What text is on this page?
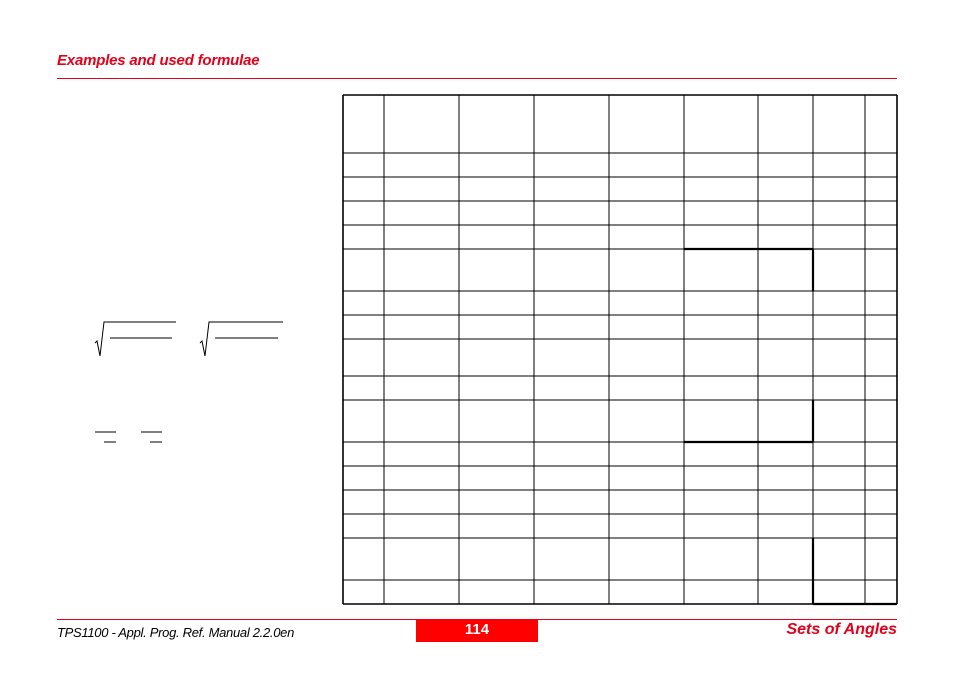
Examples and used formulae
TPS1100 - Appl. Prog. Ref. Manual 2.2.0en	114	Sets of Angles
